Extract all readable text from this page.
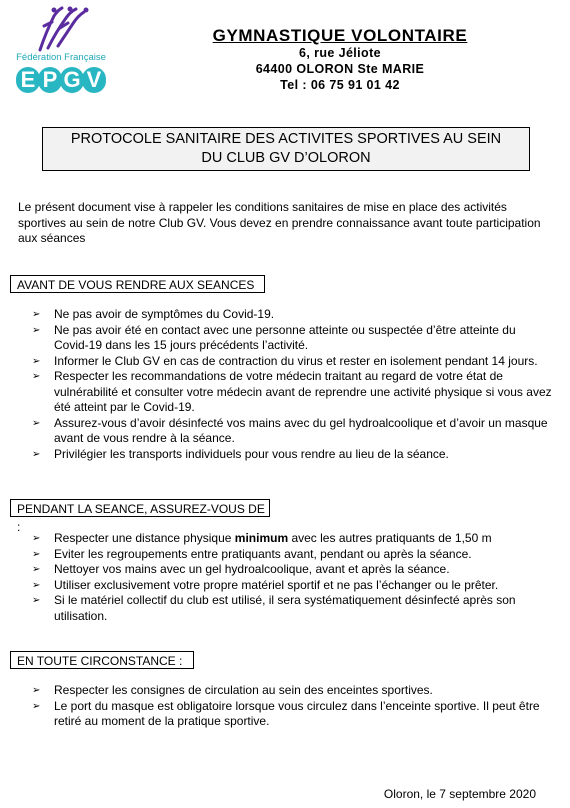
Fédération Française
E P G V
GYMNASTIQUE VOLONTAIRE
6, rue Jéliote
64400 OLORON Ste MARIE
Tel : 06 75 91 01 42
PROTOCOLE SANITAIRE DES ACTIVITES SPORTIVES AU SEIN
DU CLUB GV D’OLORON

Le présent document vise à rappeler les conditions sanitaires de mise en place des activités sportives au sein de notre Club GV. Vous devez en prendre connaissance avant toute participation aux séances

AVANT DE VOUS RENDRE AUX SEANCES
➢ Ne pas avoir de symptômes du Covid-19.
➢ Ne pas avoir été en contact avec une personne atteinte ou suspectée d’être atteinte du Covid-19 dans les 15 jours précédents l’activité.
➢ Informer le Club GV en cas de contraction du virus et rester en isolement pendant 14 jours.
➢ Respecter les recommandations de votre médecin traitant au regard de votre état de vulnérabilité et consulter votre médecin avant de reprendre une activité physique si vous avez été atteint par le Covid-19.
➢ Assurez-vous d’avoir désinfecté vos mains avec du gel hydroalcoolique et d’avoir un masque avant de vous rendre à la séance.
➢ Privilégier les transports individuels pour vous rendre au lieu de la séance.
PENDANT LA SEANCE, ASSUREZ-VOUS DE :
➢ Respecter une distance physique minimum avec les autres pratiquants de 1,50 m
➢ Eviter les regroupements entre pratiquants avant, pendant ou après la séance.
➢ Nettoyer vos mains avec un gel hydroalcoolique, avant et après la séance.
➢ Utiliser exclusivement votre propre matériel sportif et ne pas l’échanger ou le prêter.
➢ Si le matériel collectif du club est utilisé, il sera systématiquement désinfecté après son utilisation.
EN TOUTE CIRCONSTANCE :
➢ Respecter les consignes de circulation au sein des enceintes sportives.
➢ Le port du masque est obligatoire lorsque vous circulez dans l’enceinte sportive. Il peut être retiré au moment de la pratique sportive.
Oloron, le 7 septembre 2020
